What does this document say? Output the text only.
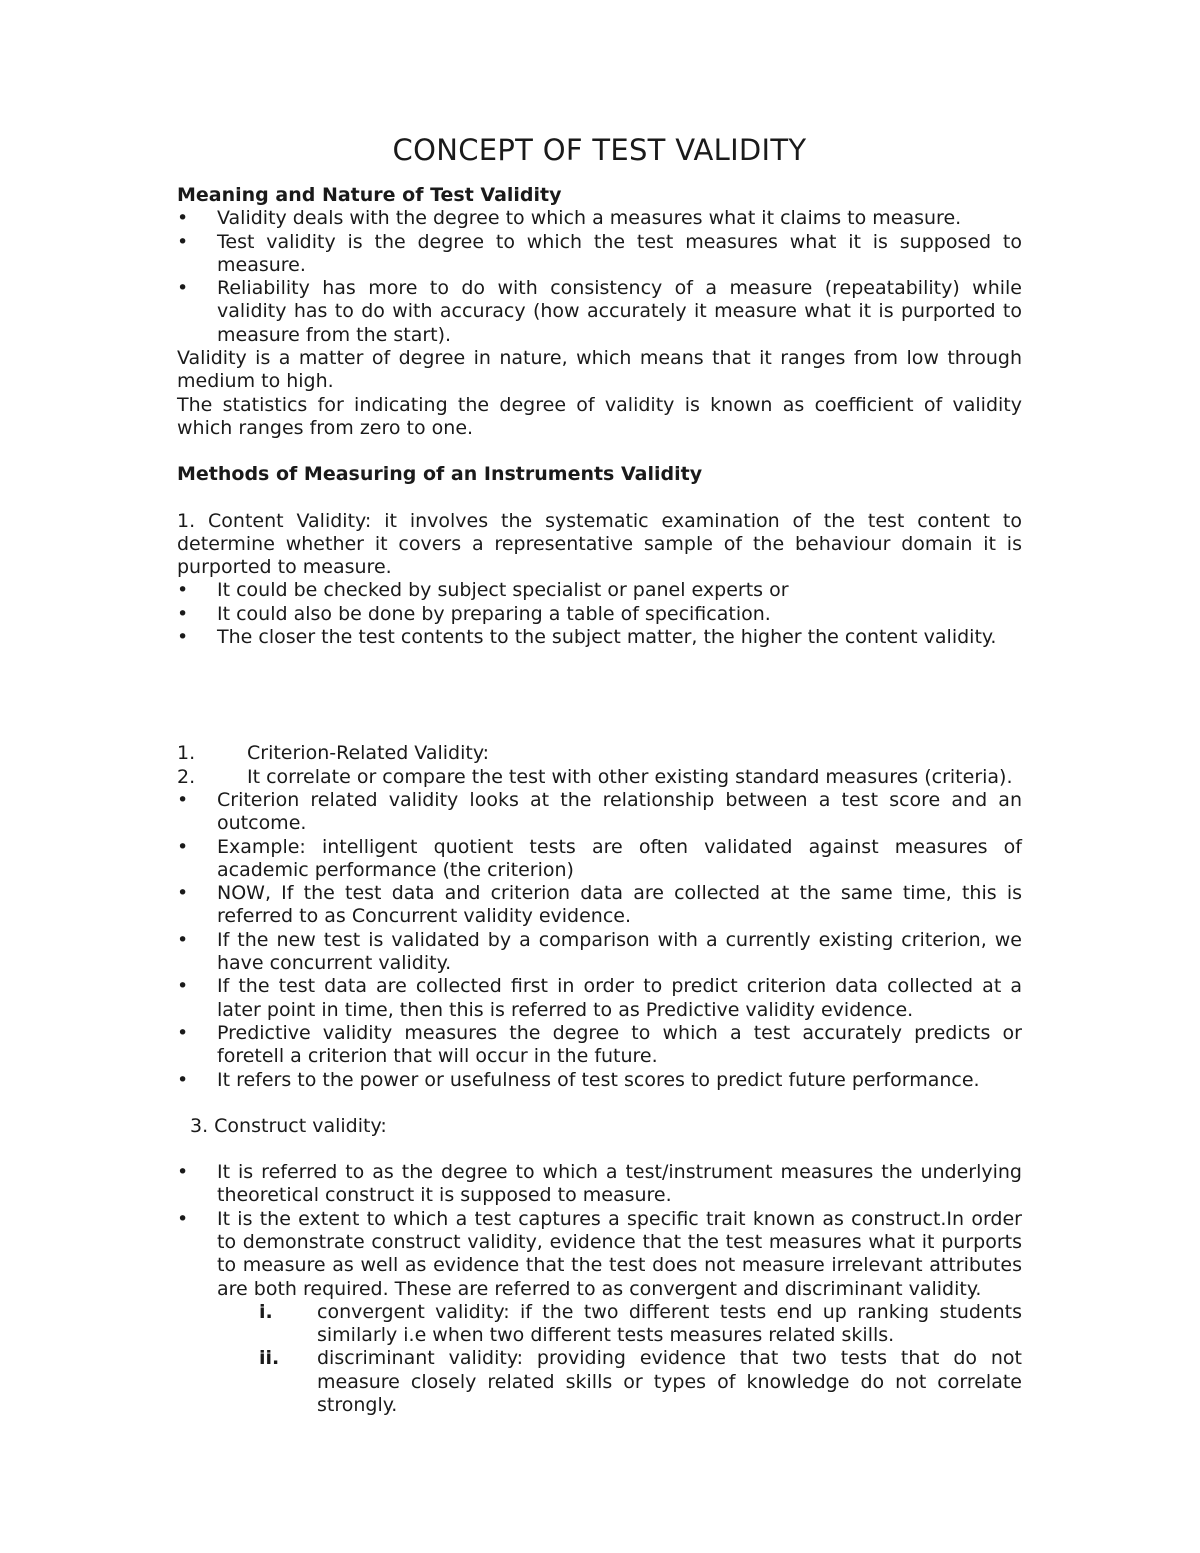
CONCEPT OF TEST VALIDITY
Meaning and Nature of Test Validity
• Validity deals with the degree to which a measures what it claims to measure.
• Test validity is the degree to which the test measures what it is supposed to measure.
• Reliability has more to do with consistency of a measure (repeatability) while validity has to do with accuracy (how accurately it measure what it is purported to measure from the start).

Validity is a matter of degree in nature, which means that it ranges from low through medium to high.

The statistics for indicating the degree of validity is known as coefficient of validity which ranges from zero to one.

Methods of Measuring of an Instruments Validity

1. Content Validity: it involves the systematic examination of the test content to determine whether it covers a representative sample of the behaviour domain it is purported to measure.

• It could be checked by subject specialist or panel experts or
• It could also be done by preparing a table of specification.
• The closer the test contents to the subject matter, the higher the content validity.
1.	Criterion-Related Validity:
2.	It correlate or compare the test with other existing standard measures (criteria).
• Criterion related validity looks at the relationship between a test score and an outcome.
• Example: intelligent quotient tests are often validated against measures of academic performance (the criterion)
• NOW, If the test data and criterion data are collected at the same time, this is referred to as Concurrent validity evidence.
• If the new test is validated by a comparison with a currently existing criterion, we have concurrent validity.
• If the test data are collected first in order to predict criterion data collected at a later point in time, then this is referred to as Predictive validity evidence.
• Predictive validity measures the degree to which a test accurately predicts or foretell a criterion that will occur in the future.
• It refers to the power or usefulness of test scores to predict future performance.
3. Construct validity:
• It is referred to as the degree to which a test/instrument measures the underlying theoretical construct it is supposed to measure.
• It is the extent to which a test captures a specific trait known as construct.In order to demonstrate construct validity, evidence that the test measures what it purports to measure as well as evidence that the test does not measure irrelevant attributes are both required. These are referred to as convergent and discriminant validity.
i. convergent validity: if the two different tests end up ranking students similarly i.e when two different tests measures related skills.
ii. discriminant validity: providing evidence that two tests that do not measure closely related skills or types of knowledge do not correlate strongly.
